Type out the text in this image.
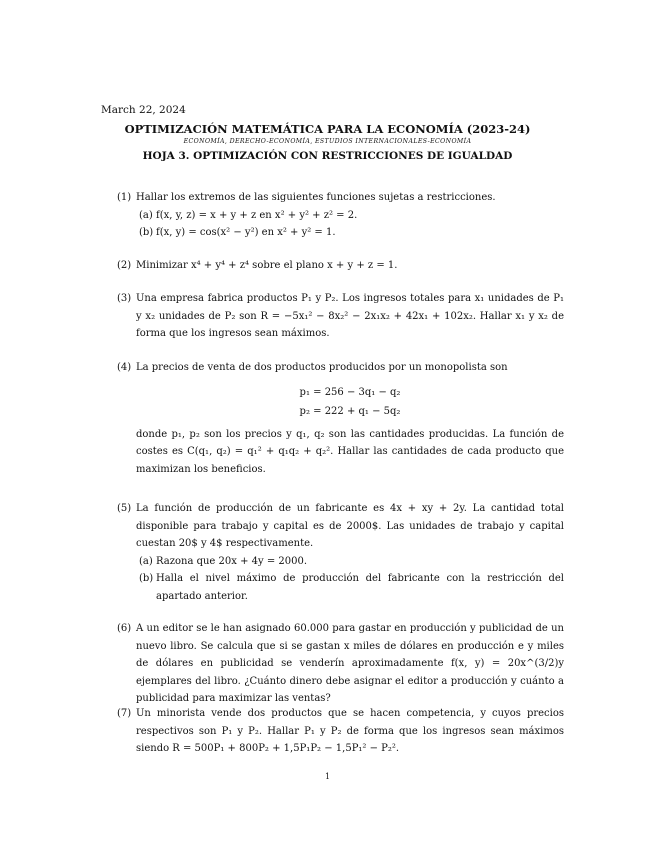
March 22, 2024
OPTIMIZACIÓN MATEMÁTICA PARA LA ECONOMÍA (2023-24)
ECONOMÍA, DERECHO-ECONOMÍA, ESTUDIOS INTERNACIONALES-ECONOMÍA
HOJA 3. OPTIMIZACIÓN CON RESTRICCIONES DE IGUALDAD
(1) Hallar los extremos de las siguientes funciones sujetas a restricciones.
(a) f(x, y, z) = x + y + z en x² + y² + z² = 2.
(b) f(x, y) = cos(x² − y²) en x² + y² = 1.
(2) Minimizar x⁴ + y⁴ + z⁴ sobre el plano x + y + z = 1.
(3) Una empresa fabrica productos P₁ y P₂. Los ingresos totales para x₁ unidades de P₁ y x₂ unidades de P₂ son R = −5x₁² − 8x₂² − 2x₁x₂ + 42x₁ + 102x₂. Hallar x₁ y x₂ de forma que los ingresos sean máximos.
(4) La precios de venta de dos productos producidos por un monopolista son
p₁ = 256 − 3q₁ − q₂
p₂ = 222 + q₁ − 5q₂
donde p₁, p₂ son los precios y q₁, q₂ son las cantidades producidas. La función de costes es C(q₁, q₂) = q₁² + q₁q₂ + q₂². Hallar las cantidades de cada producto que maximizan los beneficios.
(5) La función de producción de un fabricante es 4x + xy + 2y. La cantidad total disponible para trabajo y capital es de 2000$. Las unidades de trabajo y capital cuestan 20$ y 4$ respectivamente.
(a) Razona que 20x + 4y = 2000.
(b) Halla el nivel máximo de producción del fabricante con la restricción del apartado anterior.
(6) A un editor se le han asignado 60.000 para gastar en producción y publicidad de un nuevo libro. Se calcula que si se gastan x miles de dólares en producción e y miles de dólares en publicidad se venderín aproximadamente f(x, y) = 20x^(3/2)y ejemplares del libro. ¿Cuánto dinero debe asignar el editor a producción y cuánto a publicidad para maximizar las ventas?
(7) Un minorista vende dos productos que se hacen competencia, y cuyos precios respectivos son P₁ y P₂. Hallar P₁ y P₂ de forma que los ingresos sean máximos siendo R = 500P₁ + 800P₂ + 1,5P₁P₂ − 1,5P₁² − P₂².
1
